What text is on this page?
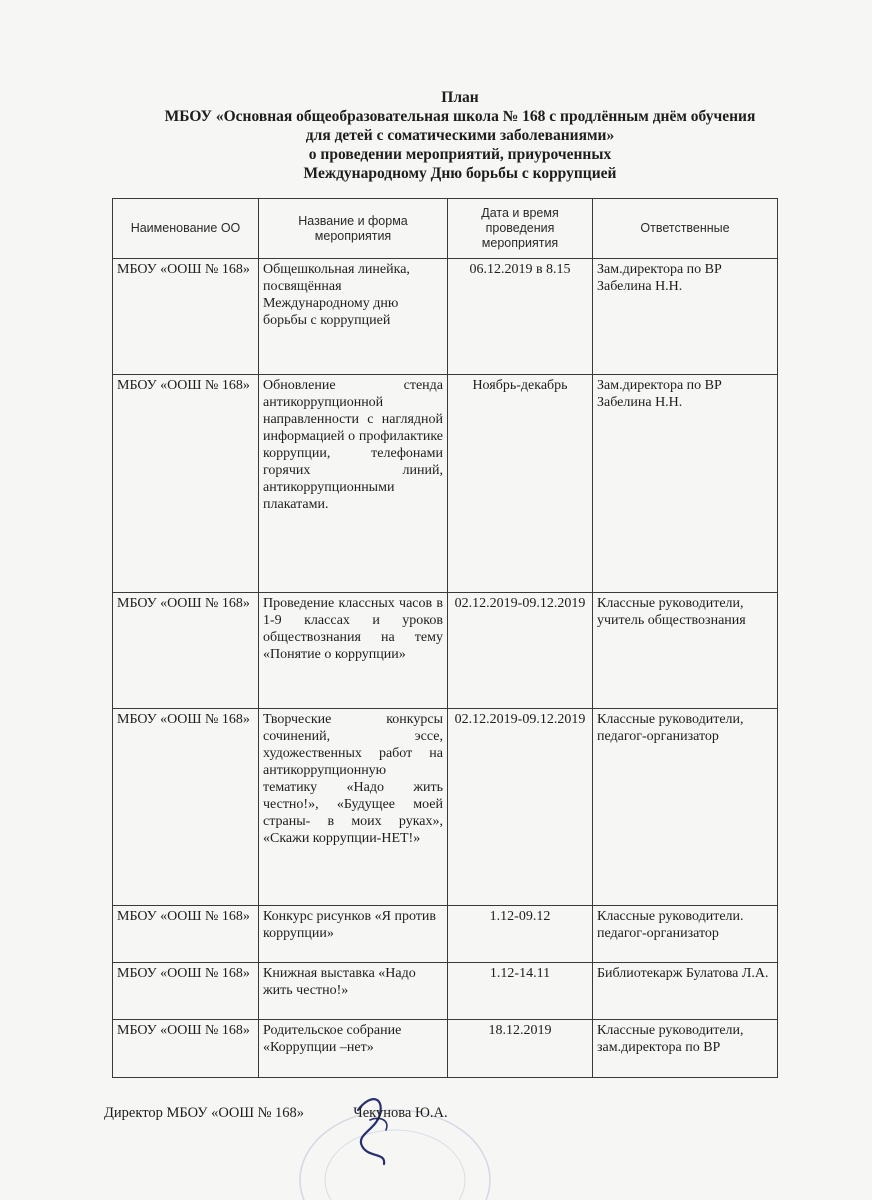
План
МБОУ «Основная общеобразовательная школа № 168 с продлённым днём обучения
для детей с соматическими заболеваниями»
о проведении мероприятий, приуроченных
Международному Дню борьбы с коррупцией
Наименование ОО	Название и форма мероприятия	Дата и время проведения мероприятия	Ответственные
МБОУ «ООШ № 168»	Общешкольная линейка, посвящённая Международному дню борьбы с коррупцией	06.12.2019 в 8.15	Зам.директора по ВР Забелина Н.Н.
МБОУ «ООШ № 168»	Обновление стенда антикоррупционной направленности с наглядной информацией о профилактике коррупции, телефонами горячих линий, антикоррупционными плакатами.	Ноябрь-декабрь	Зам.директора по ВР Забелина Н.Н.
МБОУ «ООШ № 168»	Проведение классных часов в 1-9 классах и уроков обществознания на тему «Понятие о коррупции»	02.12.2019-09.12.2019	Классные руководители, учитель обществознания
МБОУ «ООШ № 168»	Творческие конкурсы сочинений, эссе, художественных работ на антикоррупционную тематику «Надо жить честно!», «Будущее моей страны- в моих руках», «Скажи коррупции-НЕТ!»	02.12.2019-09.12.2019	Классные руководители, педагог-организатор
МБОУ «ООШ № 168»	Конкурс рисунков «Я против коррупции»	1.12-09.12	Классные руководители. педагог-организатор
МБОУ «ООШ № 168»	Книжная выставка «Надо жить честно!»	1.12-14.11	Библиотекарж Булатова Л.А.
МБОУ «ООШ № 168»	Родительское собрание «Коррупции –нет»	18.12.2019	Классные руководители, зам.директора по ВР
Директор МБОУ «ООШ № 168»	Чекунова Ю.А.
